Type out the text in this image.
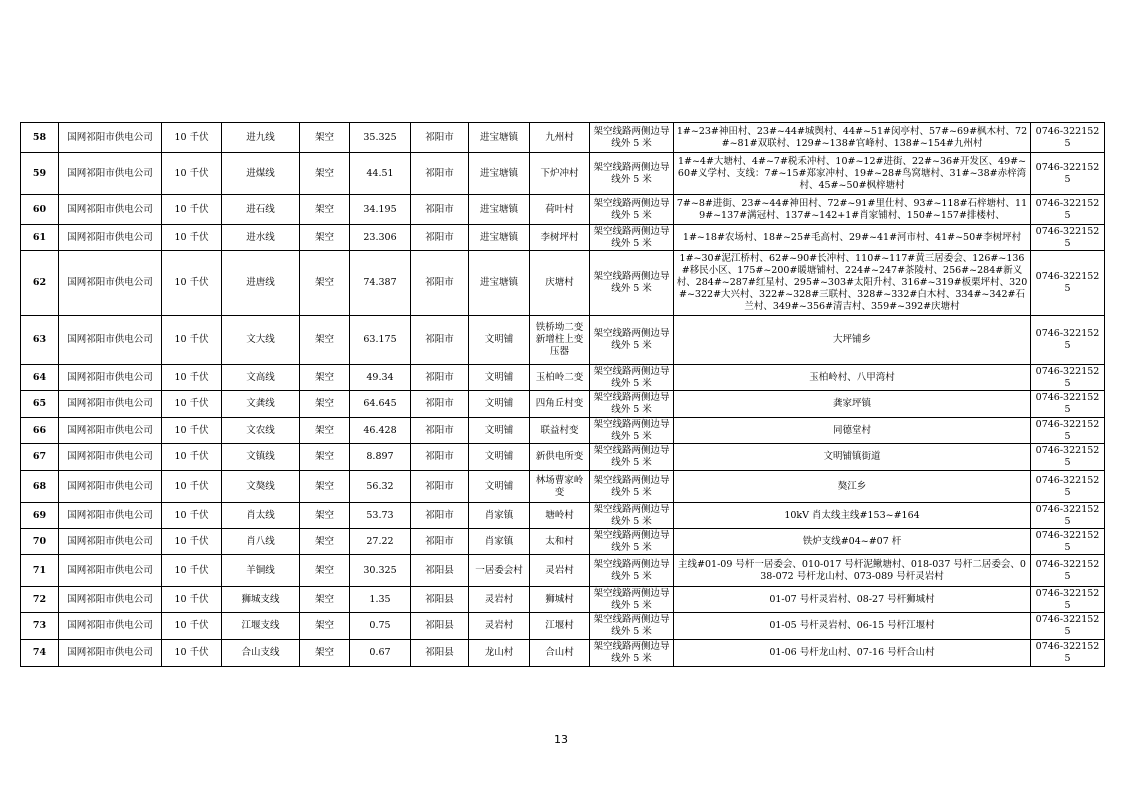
58	国网祁阳市供电公司	10 千伏	进九线	架空	35.325	祁阳市	进宝塘镇	九州村	架空线路两侧边导线外 5 米	1#~23#神田村、23#~44#城舆村、44#~51#闵亭村、57#~69#枫木村、72#~81#双联村、129#~138#官峰村、138#~154#九州村	0746-3221525
59	国网祁阳市供电公司	10 千伏	进煤线	架空	44.51	祁阳市	进宝塘镇	下炉冲村	架空线路两侧边导线外 5 米	1#~4#大塘村、4#~7#税禾冲村、10#~12#进街、22#~36#开发区、49#~60#义学村、支线：7#~15#郑家冲村、19#~28#鸟窝塘村、31#~38#赤梓湾村、45#~50#枫梓塘村	0746-3221525
60	国网祁阳市供电公司	10 千伏	进石线	架空	34.195	祁阳市	进宝塘镇	荷叶村	架空线路两侧边导线外 5 米	7#~8#进街、23#~44#神田村、72#~91#里仕村、93#~118#石梓塘村、119#~137#满冠村、137#~142+1#肖家铺村、150#~157#排楼村、	0746-3221525
61	国网祁阳市供电公司	10 千伏	进水线	架空	23.306	祁阳市	进宝塘镇	李树坪村	架空线路两侧边导线外 5 米	1#~18#农场村、18#~25#毛高村、29#~41#河市村、41#~50#李树坪村	0746-3221525
62	国网祁阳市供电公司	10 千伏	进唐线	架空	74.387	祁阳市	进宝塘镇	庆塘村	架空线路两侧边导线外 5 米	1#~30#泥江桥村、62#~90#长冲村、110#~117#黄三居委会、126#~136#移民小区、175#~200#暖塘铺村、224#~247#茶陵村、256#~284#新义村、284#~287#红星村、295#~303#太阳升村、316#~319#板栗坪村、320#~322#大兴村、322#~328#三联村、328#~332#白木村、334#~342#石兰村、349#~356#清吉村、359#~392#庆塘村	0746-3221525
63	国网祁阳市供电公司	10 千伏	文大线	架空	63.175	祁阳市	文明铺	铁桥坳二变新增柱上变压器	架空线路两侧边导线外 5 米	大坪铺乡	0746-3221525
64	国网祁阳市供电公司	10 千伏	文高线	架空	49.34	祁阳市	文明铺	玉柏岭二变	架空线路两侧边导线外 5 米	玉柏岭村、八甲湾村	0746-3221525
65	国网祁阳市供电公司	10 千伏	文龚线	架空	64.645	祁阳市	文明铺	四角丘村变	架空线路两侧边导线外 5 米	龚家坪镇	0746-3221525
66	国网祁阳市供电公司	10 千伏	文农线	架空	46.428	祁阳市	文明铺	联益村变	架空线路两侧边导线外 5 米	同德堂村	0746-3221525
67	国网祁阳市供电公司	10 千伏	文镇线	架空	8.897	祁阳市	文明铺	新供电所变	架空线路两侧边导线外 5 米	文明铺镇街道	0746-3221525
68	国网祁阳市供电公司	10 千伏	文獒线	架空	56.32	祁阳市	文明铺	林场曹家岭变	架空线路两侧边导线外 5 米	獒江乡	0746-3221525
69	国网祁阳市供电公司	10 千伏	肖太线	架空	53.73	祁阳市	肖家镇	塘岭村	架空线路两侧边导线外 5 米	10kV 肖太线主线#153~#164	0746-3221525
70	国网祁阳市供电公司	10 千伏	肖八线	架空	27.22	祁阳市	肖家镇	太和村	架空线路两侧边导线外 5 米	铁炉支线#04~#07 杆	0746-3221525
71	国网祁阳市供电公司	10 千伏	羊铜线	架空	30.325	祁阳县	一居委会村	灵岩村	架空线路两侧边导线外 5 米	主线#01-09 号杆一居委会、010-017 号杆泥鳅塘村、018-037 号杆二居委会、038-072 号杆龙山村、073-089 号杆灵岩村	0746-3221525
72	国网祁阳市供电公司	10 千伏	狮城支线	架空	1.35	祁阳县	灵岩村	狮城村	架空线路两侧边导线外 5 米	01-07 号杆灵岩村、08-27 号杆狮城村	0746-3221525
73	国网祁阳市供电公司	10 千伏	江堰支线	架空	0.75	祁阳县	灵岩村	江堰村	架空线路两侧边导线外 5 米	01-05 号杆灵岩村、06-15 号杆江堰村	0746-3221525
74	国网祁阳市供电公司	10 千伏	合山支线	架空	0.67	祁阳县	龙山村	合山村	架空线路两侧边导线外 5 米	01-06 号杆龙山村、07-16 号杆合山村	0746-3221525
13
